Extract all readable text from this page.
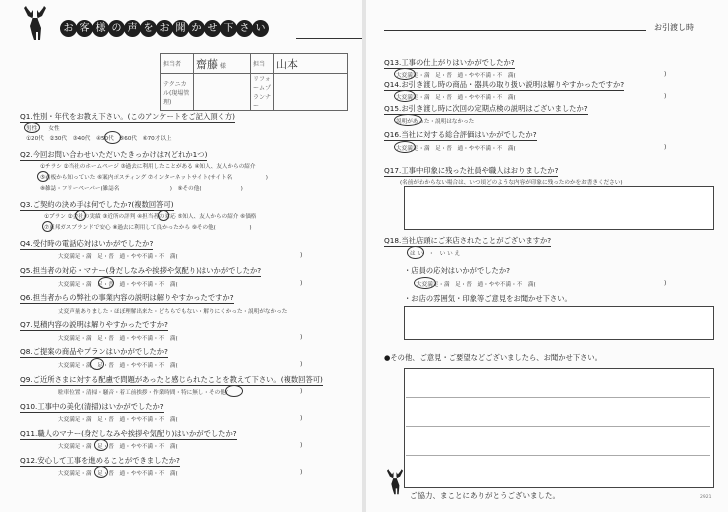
お 客 様 の 声 を お 聞 か せ 下 さ い
担当者	齋藤 様	担当	山本
テクニカル(現場管理)		リフォームプランナー	
Q1.性別・年代をお教え下さい。(このアンケートをご記入頂く方)
男性　　女性
①20代　②30代　③40代　④50代　⑤60代　⑥70才以上
Q2.今回お問い合わせいただいたきっかけは?(どれか1つ)
①チラシ ②当社のホームページ ③過去に利用したことがある ④知人、友人からの紹介
⑤看板から知っていた ⑥案内ポスティング ⑦インターネットサイト(サイト名　　　　　　)
⑧雑誌・フリーペーパー(雑誌名　　　　　　　　　)　⑨その他(　　　　　　　)
Q3.ご契約の決め手は何でしたか?(複数回答可)
①プラン ②会社の実績 ③近所の評判 ④担当者の対応 ⑤知人、友人からの紹介 ⑥価格
⑦東邦ガスブランドで安心 ⑧過去に利用して良かったから ⑨その他(　　　　　　)
Q4.受付時の電話応対はいかがでしたか?
大変満足・満　足・普　通・やや不満・不　満(	)
Q5.担当者の対応・マナー(身だしなみや挨拶や気配り)はいかがでしたか?
大変満足・満　足・普　通・やや不満・不　満(	)
Q6.担当者からの弊社の事業内容の説明は解りやすかったですか?
丈変声量ありました・ほぼ理解出来た・どちらでもない・解りにくかった・説明がなかった
Q7.見積内容の説明は解りやすかったですか?
大変満足・満　足・普　通・やや不満・不　満(	)
Q8.ご提案の商品やプランはいかがでしたか?
大変満足・満　足・普　通・やや不満・不　満(	)
Q9.ご近所さまに対する配慮で問題があったと感じられたことを教えて下さい。(複数回答可)
駐車位置・清掃・騒音・着工前挨拶・作業時間・特に無し・その他(	)
Q10.工事中の美化(清掃)はいかがでしたか?
大変満足・満　足・普　通・やや不満・不　満(	)
Q11.職人のマナー(身だしなみや挨拶や気配り)はいかがでしたか?
大変満足・満　足・普　通・やや不満・不　満(	)
Q12.安心して工事を進めることができましたか?
大変満足・満　足・普　通・やや不満・不　満(	)
お引渡し時
Q13.工事の仕上がりはいかがでしたか?
大変満足・満　足・普　通・やや不満・不　満(	)
Q14.お引き渡し時の商品・器具の取り扱い説明は解りやすかったですか?
大変満足・満　足・普　通・やや不満・不　満(	)
Q15.お引き渡し時に次回の定期点検の説明はございましたか?
説明があった・説明はなかった
Q16.当社に対する総合評価はいかがでしたか?
大変満足・満　足・普　通・やや不満・不　満(	)
Q17.工事中印象に残った社員や職人はおりましたか?
(名前がわからない場合は、いつ頃どのような内容が印象に残ったのかをお書きください)
Q18.当社店頭にご来店されたことがございますか?
は い　・　い い え
・店員の応対はいかがでしたか?
大変満足・満　足・普　通・やや不満・不　満(	)
・お店の雰囲気・印象等ご意見をお聞かせ下さい。
●その他、ご意見・ご要望などございましたら、お聞かせ下さい。
ご協力、まことにありがとうございました。	2921
